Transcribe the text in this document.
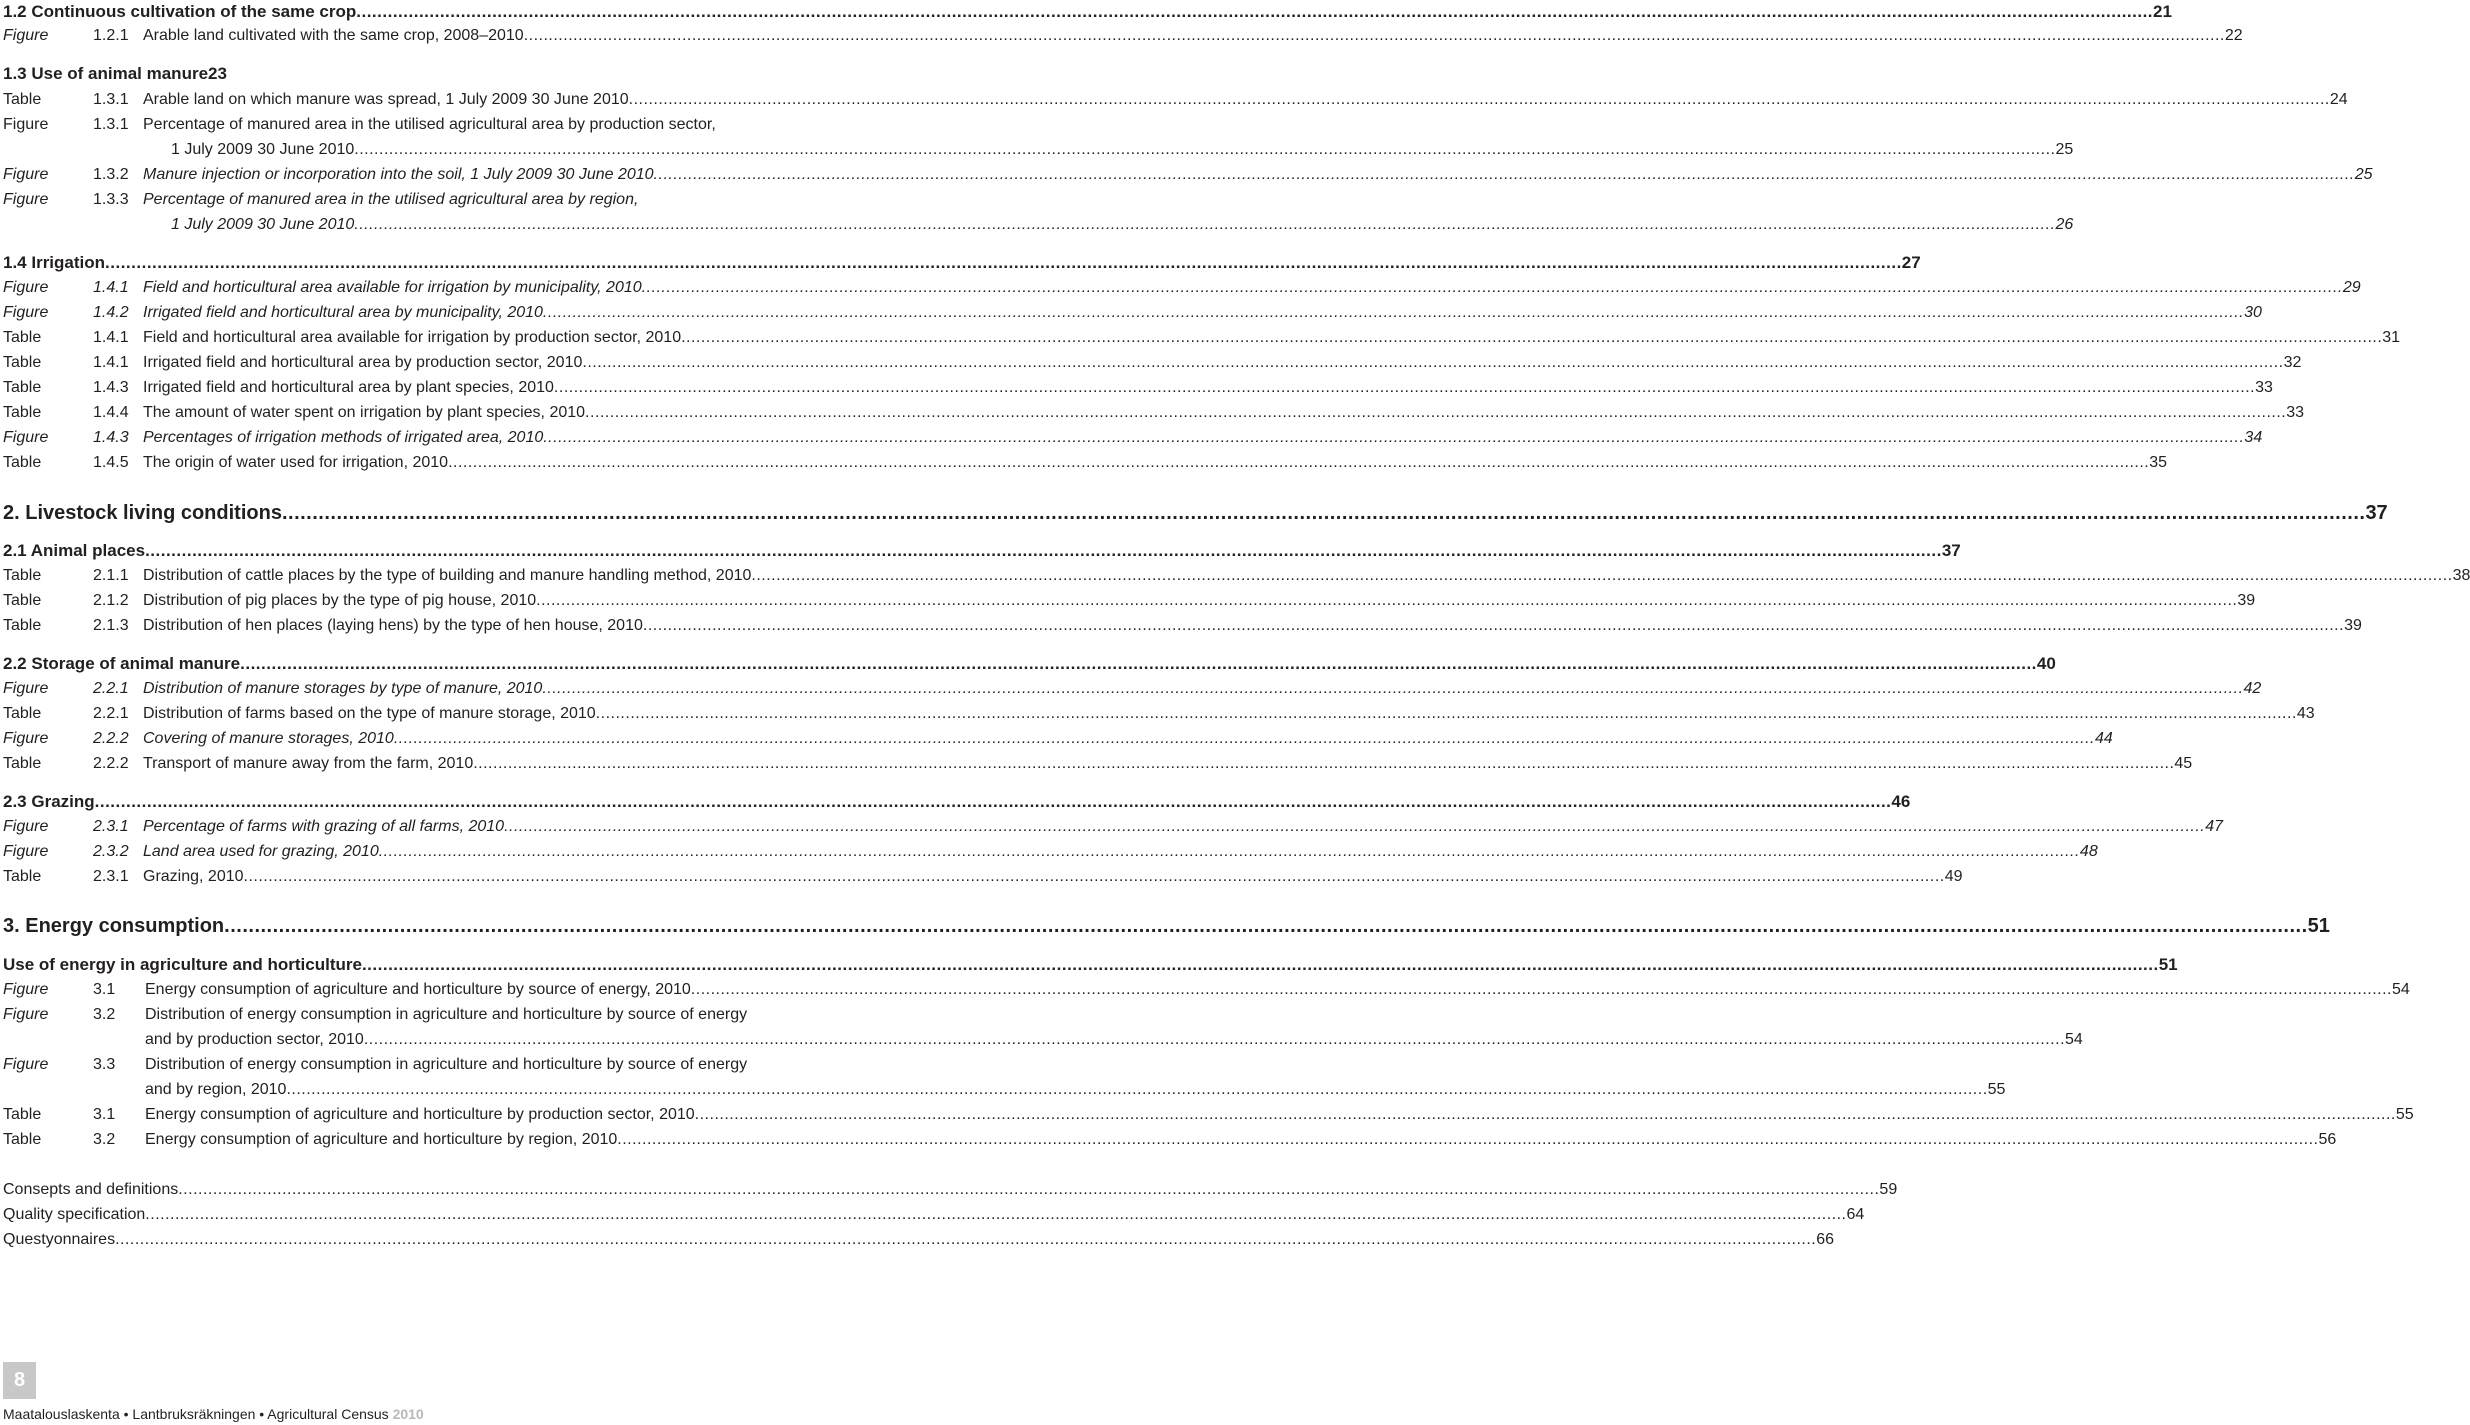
1.2 Continuous cultivation of the same crop ........................................................................................................................................................................................................................................................................................................................................................ 21
Figure	1.2.1 Arable land cultivated with the same crop, 2008–2010 ........................................................................................................................................................................................................................................................................................................................................................ 22
1.3 Use of animal manure23
Table	1.3.1 Arable land on which manure was spread, 1 July 2009 30 June 2010 ........................................................................................................................................................................................................................................................................................................................................................ 24
Figure	1.3.1 Percentage of manured area in the utilised agricultural area by production sector,
1 July 2009 30 June 2010 ........................................................................................................................................................................................................................................................................................................................................................ 25
Figure	1.3.2 Manure injection or incorporation into the soil, 1 July 2009 30 June 2010 ........................................................................................................................................................................................................................................................................................................................................................ 25
Figure	1.3.3 Percentage of manured area in the utilised agricultural area by region,
1 July 2009 30 June 2010 ........................................................................................................................................................................................................................................................................................................................................................ 26
1.4 Irrigation ........................................................................................................................................................................................................................................................................................................................................................ 27
Figure	1.4.1 Field and horticultural area available for irrigation by municipality, 2010 ........................................................................................................................................................................................................................................................................................................................................................ 29
Figure	1.4.2 Irrigated field and horticultural area by municipality, 2010 ........................................................................................................................................................................................................................................................................................................................................................ 30
Table	1.4.1 Field and horticultural area available for irrigation by production sector, 2010 ........................................................................................................................................................................................................................................................................................................................................................ 31
Table	1.4.1 Irrigated field and horticultural area by production sector, 2010 ........................................................................................................................................................................................................................................................................................................................................................ 32
Table	1.4.3 Irrigated field and horticultural area by plant species, 2010 ........................................................................................................................................................................................................................................................................................................................................................ 33
Table	1.4.4 The amount of water spent on irrigation by plant species, 2010 ........................................................................................................................................................................................................................................................................................................................................................ 33
Figure	1.4.3 Percentages of irrigation methods of irrigated area, 2010 ........................................................................................................................................................................................................................................................................................................................................................ 34
Table	1.4.5 The origin of water used for irrigation, 2010 ........................................................................................................................................................................................................................................................................................................................................................ 35
2. Livestock living conditions ........................................................................................................................................................................................................................................................................................................................................................ 37
2.1 Animal places ........................................................................................................................................................................................................................................................................................................................................................ 37
Table	2.1.1 Distribution of cattle places by the type of building and manure handling method, 2010 ........................................................................................................................................................................................................................................................................................................................................................ 38
Table	2.1.2 Distribution of pig places by the type of pig house, 2010 ........................................................................................................................................................................................................................................................................................................................................................ 39
Table	2.1.3 Distribution of hen places (laying hens) by the type of hen house, 2010 ........................................................................................................................................................................................................................................................................................................................................................ 39
2.2 Storage of animal manure ........................................................................................................................................................................................................................................................................................................................................................ 40
Figure	2.2.1 Distribution of manure storages by type of manure, 2010 ........................................................................................................................................................................................................................................................................................................................................................ 42
Table	2.2.1 Distribution of farms based on the type of manure storage, 2010 ........................................................................................................................................................................................................................................................................................................................................................ 43
Figure	2.2.2 Covering of manure storages, 2010 ........................................................................................................................................................................................................................................................................................................................................................ 44
Table	2.2.2 Transport of manure away from the farm, 2010 ........................................................................................................................................................................................................................................................................................................................................................ 45
2.3 Grazing ........................................................................................................................................................................................................................................................................................................................................................ 46
Figure	2.3.1 Percentage of farms with grazing of all farms, 2010 ........................................................................................................................................................................................................................................................................................................................................................ 47
Figure	2.3.2 Land area used for grazing, 2010 ........................................................................................................................................................................................................................................................................................................................................................ 48
Table	2.3.1 Grazing, 2010 ........................................................................................................................................................................................................................................................................................................................................................ 49
3. Energy consumption ........................................................................................................................................................................................................................................................................................................................................................ 51
Use of energy in agriculture and horticulture ........................................................................................................................................................................................................................................................................................................................................................ 51
Figure	3.1 Energy consumption of agriculture and horticulture by source of energy, 2010 ........................................................................................................................................................................................................................................................................................................................................................ 54
Figure	3.2 Distribution of energy consumption in agriculture and horticulture by source of energy
and by production sector, 2010 ........................................................................................................................................................................................................................................................................................................................................................ 54
Figure	3.3 Distribution of energy consumption in agriculture and horticulture by source of energy
and by region, 2010 ........................................................................................................................................................................................................................................................................................................................................................ 55
Table	3.1 Energy consumption of agriculture and horticulture by production sector, 2010 ........................................................................................................................................................................................................................................................................................................................................................ 55
Table	3.2 Energy consumption of agriculture and horticulture by region, 2010 ........................................................................................................................................................................................................................................................................................................................................................ 56
Consepts and definitions ........................................................................................................................................................................................................................................................................................................................................................ 59
Quality specification ........................................................................................................................................................................................................................................................................................................................................................ 64
Questyonnaires ........................................................................................................................................................................................................................................................................................................................................................ 66
8
Maatalouslaskenta • Lantbruksräkningen • Agricultural Census 2010
